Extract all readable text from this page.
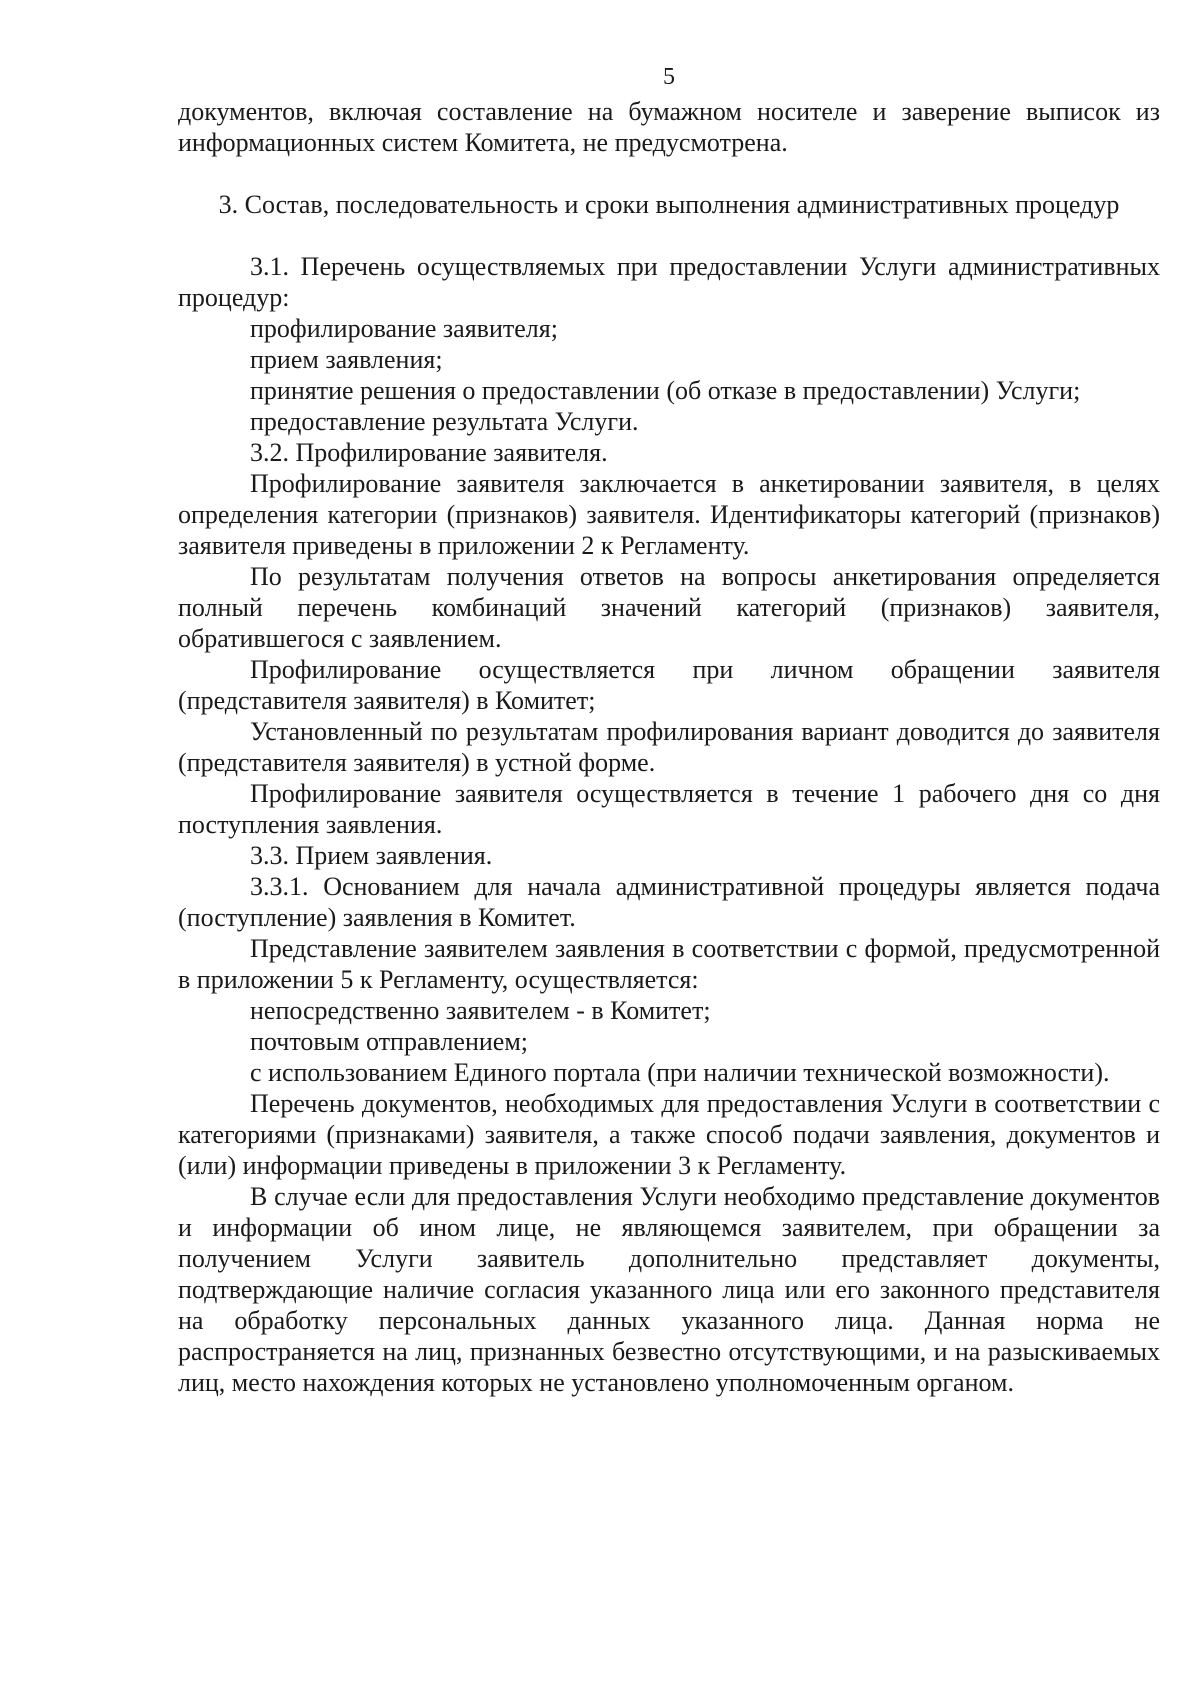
5

документов, включая составление на бумажном носителе и заверение выписок из информационных систем Комитета, не предусмотрена.

3. Состав, последовательность и сроки выполнения административных процедур

3.1. Перечень осуществляемых при предоставлении Услуги административных процедур:

профилирование заявителя;

прием заявления;

принятие решения о предоставлении (об отказе в предоставлении) Услуги;

предоставление результата Услуги.

3.2. Профилирование заявителя.

Профилирование заявителя заключается в анкетировании заявителя, в целях определения категории (признаков) заявителя. Идентификаторы категорий (признаков) заявителя приведены в приложении 2 к Регламенту.

По результатам получения ответов на вопросы анкетирования определяется полный перечень комбинаций значений категорий (признаков) заявителя, обратившегося с заявлением.

Профилирование осуществляется при личном обращении заявителя (представителя заявителя) в Комитет;

Установленный по результатам профилирования вариант доводится до заявителя (представителя заявителя) в устной форме.

Профилирование заявителя осуществляется в течение 1 рабочего дня со дня поступления заявления.

3.3. Прием заявления.

3.3.1. Основанием для начала административной процедуры является подача (поступление) заявления в Комитет.

Представление заявителем заявления в соответствии с формой, предусмотренной в приложении 5 к Регламенту, осуществляется:

непосредственно заявителем - в Комитет;

почтовым отправлением;

с использованием Единого портала (при наличии технической возможности).

Перечень документов, необходимых для предоставления Услуги в соответствии с категориями (признаками) заявителя, а также способ подачи заявления, документов и (или) информации приведены в приложении 3 к Регламенту.

В случае если для предоставления Услуги необходимо представление документов и информации об ином лице, не являющемся заявителем, при обращении за получением Услуги заявитель дополнительно представляет документы, подтверждающие наличие согласия указанного лица или его законного представителя на обработку персональных данных указанного лица. Данная норма не распространяется на лиц, признанных безвестно отсутствующими, и на разыскиваемых лиц, место нахождения которых не установлено уполномоченным органом.
